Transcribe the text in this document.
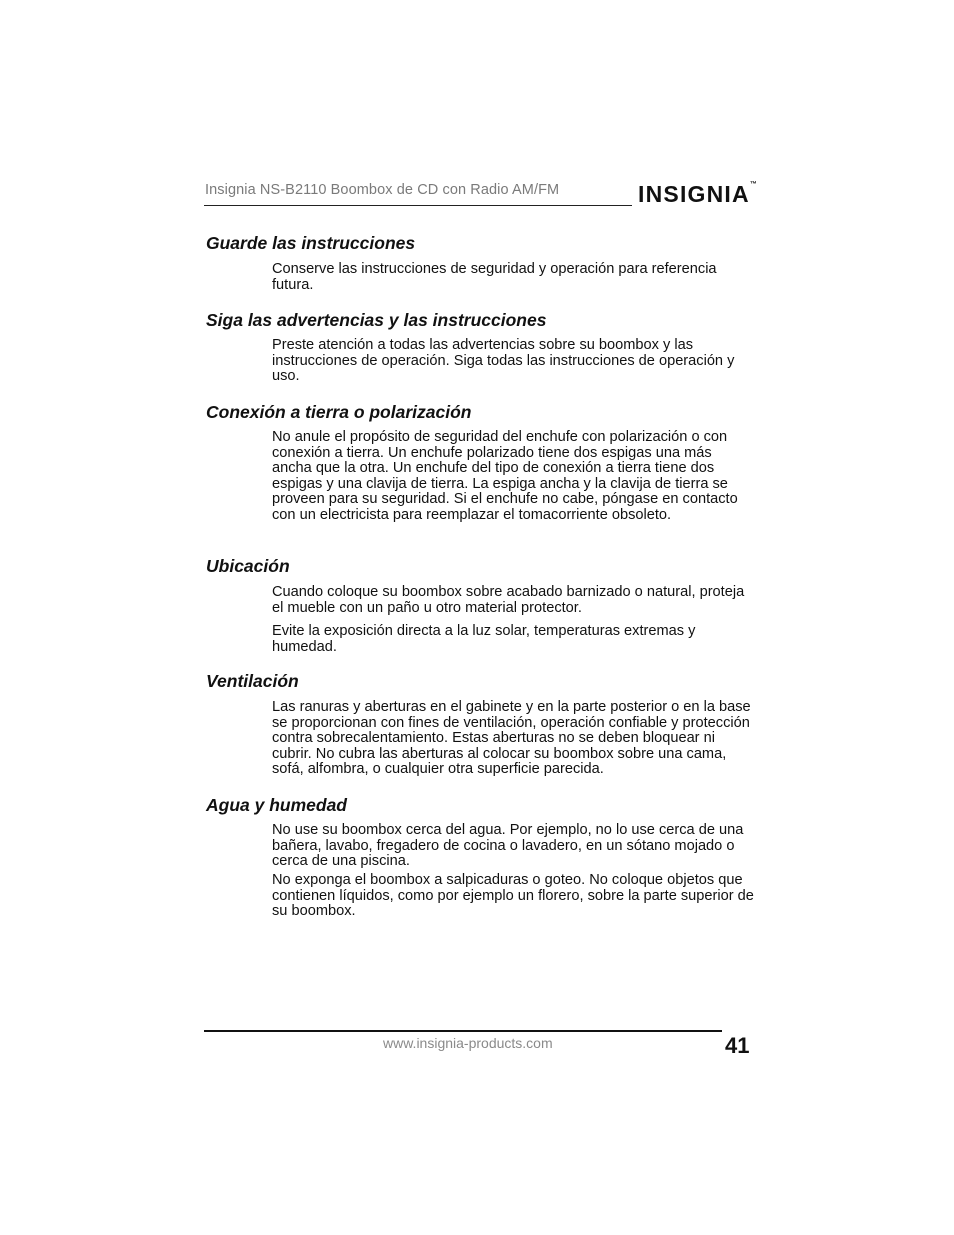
Insignia NS-B2110 Boombox de CD con Radio AM/FM	INSIGNIA™
Guarde las instrucciones
Conserve las instrucciones de seguridad y operación para referencia futura.
Siga las advertencias y las instrucciones
Preste atención a todas las advertencias sobre su boombox y las instrucciones de operación. Siga todas las instrucciones de operación y uso.
Conexión a tierra o polarización
No anule el propósito de seguridad del enchufe con polarización o con conexión a tierra. Un enchufe polarizado tiene dos espigas una más ancha que la otra. Un enchufe del tipo de conexión a tierra tiene dos espigas y una clavija de tierra. La espiga ancha y la clavija de tierra se proveen para su seguridad. Si el enchufe no cabe, póngase en contacto con un electricista para reemplazar el tomacorriente obsoleto.
Ubicación
Cuando coloque su boombox sobre acabado barnizado o natural, proteja el mueble con un paño u otro material protector.
Evite la exposición directa a la luz solar, temperaturas extremas y humedad.
Ventilación
Las ranuras y aberturas en el gabinete y en la parte posterior o en la base se proporcionan con fines de ventilación, operación confiable y protección contra sobrecalentamiento. Estas aberturas no se deben bloquear ni cubrir. No cubra las aberturas al colocar su boombox sobre una cama, sofá, alfombra, o cualquier otra superficie parecida.
Agua y humedad
No use su boombox cerca del agua. Por ejemplo, no lo use cerca de una bañera, lavabo, fregadero de cocina o lavadero, en un sótano mojado o cerca de una piscina.
No exponga el boombox a salpicaduras o goteo. No coloque objetos que contienen líquidos, como por ejemplo un florero, sobre la parte superior de su boombox.
www.insignia-products.com	41
